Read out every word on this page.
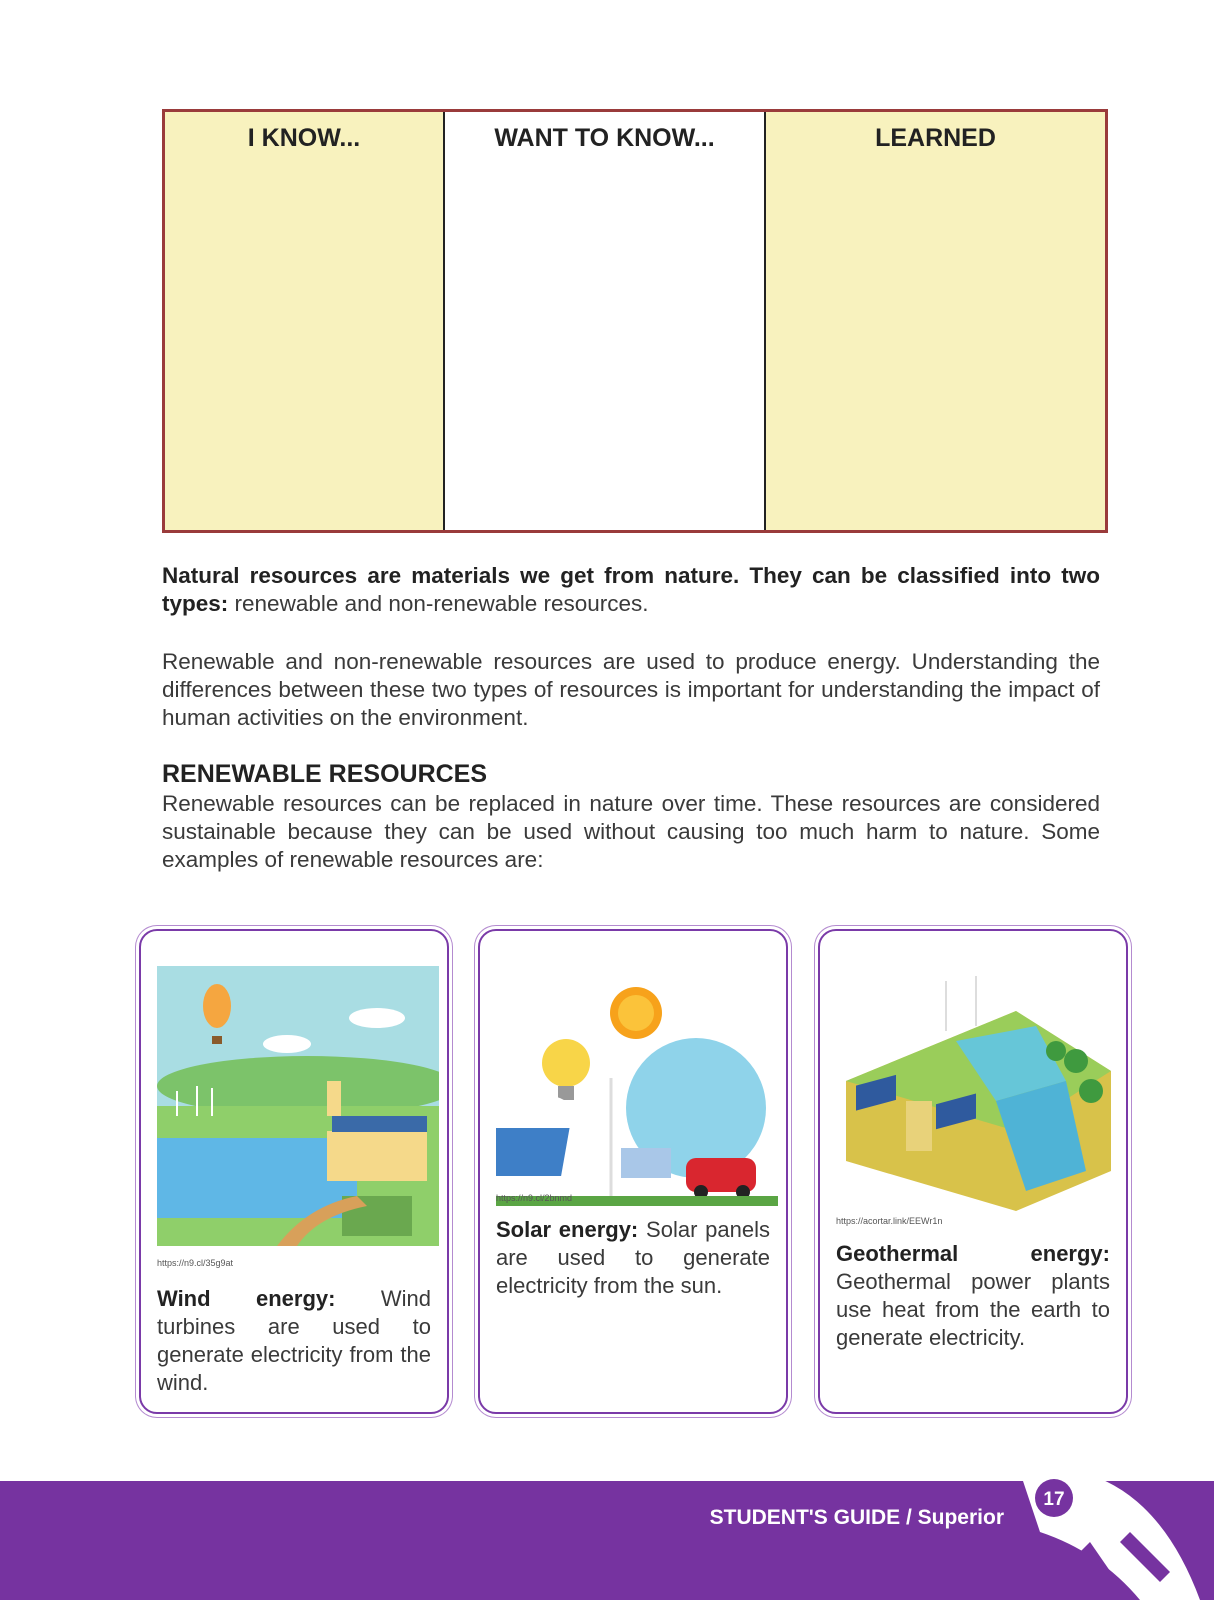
I KNOW...	WANT TO KNOW...	LEARNED
Natural resources are materials we get from nature. They can be classified into two types: renewable and non-renewable resources.
Renewable and non-renewable resources are used to produce energy. Understanding the differences between these two types of resources is important for understanding the impact of human activities on the environment.
RENEWABLE RESOURCES
Renewable resources can be replaced in nature over time. These resources are considered sustainable because they can be used without causing too much harm to nature. Some examples of renewable resources are:
https://n9.cl/35g9at
Wind energy: Wind turbines are used to generate electricity from the wind.
https://n9.cl/2bnmd
Solar energy: Solar panels are used to generate electricity from the sun.
https://acortar.link/EEWr1n
Geothermal energy: Geothermal power plants use heat from the earth to generate electricity.
STUDENT'S GUIDE / Superior
17
